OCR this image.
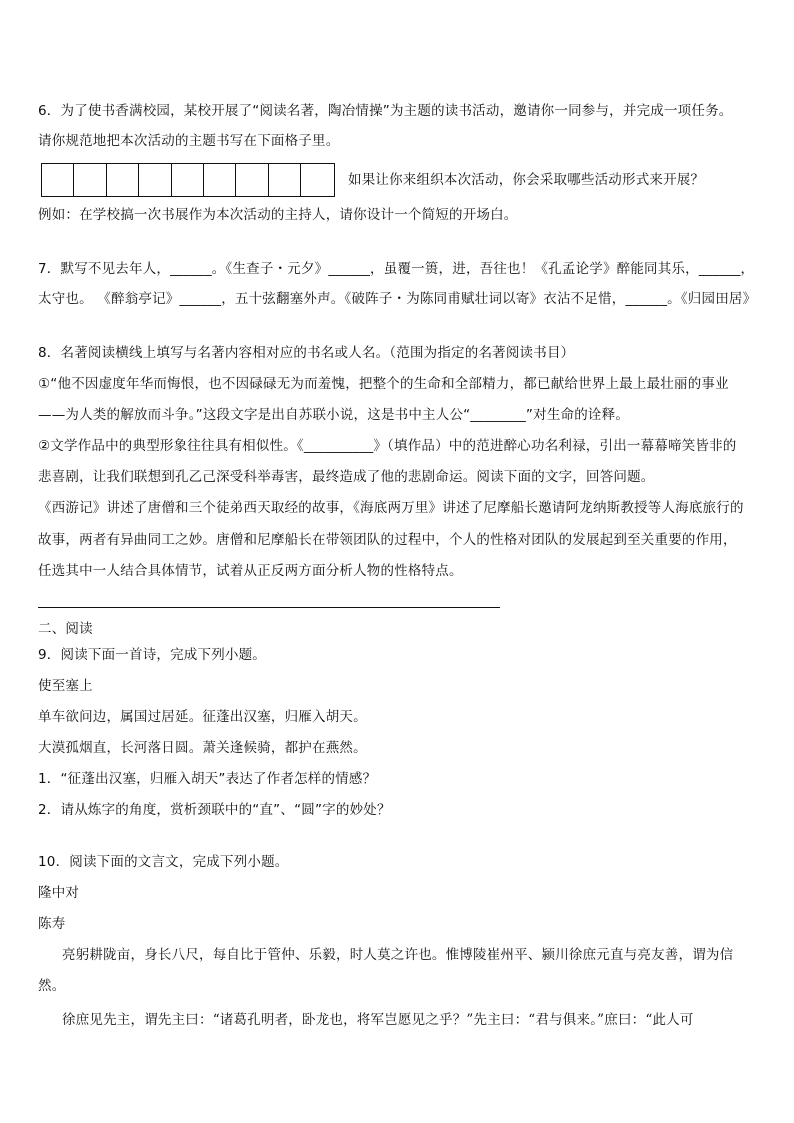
6．为了使书香满校园，某校开展了“阅读名著，陶冶情操”为主题的读书活动，邀请你一同参与，并完成一项任务。
请你规范地把本次活动的主题书写在下面格子里。
如果让你来组织本次活动，你会采取哪些活动形式来开展？
例如：在学校搞一次书展作为本次活动的主持人，请你设计一个简短的开场白。
7．默写不见去年人，______。《生查子・元夕》______，虽覆一篑，进，吾往也！《孔孟论学》醉能同其乐，______，
太守也。 《醉翁亭记》______，五十弦翻塞外声。《破阵子・为陈同甫赋壮词以寄》衣沾不足惜，______。《归园田居》
8．名著阅读横线上填写与名著内容相对应的书名或人名。（范围为指定的名著阅读书目）
①“他不因虚度年华而悔恨，也不因碌碌无为而羞愧，把整个的生命和全部精力，都已献给世界上最上最壮丽的事业
——为人类的解放而斗争。”这段文字是出自苏联小说，这是书中主人公“________”对生命的诠释。
②文学作品中的典型形象往往具有相似性。《__________》（填作品）中的范进醉心功名利禄，引出一幕幕啼笑皆非的
悲喜剧，让我们联想到孔乙己深受科举毒害，最终造成了他的悲剧命运。阅读下面的文字，回答问题。
《西游记》讲述了唐僧和三个徒弟西天取经的故事，《海底两万里》讲述了尼摩船长邀请阿龙纳斯教授等人海底旅行的
故事，两者有异曲同工之妙。唐僧和尼摩船长在带领团队的过程中，个人的性格对团队的发展起到至关重要的作用，
任选其中一人结合具体情节，试着从正反两方面分析人物的性格特点。
二、阅读
9．阅读下面一首诗，完成下列小题。
使至塞上
单车欲问边，属国过居延。征蓬出汉塞，归雁入胡天。
大漠孤烟直，长河落日圆。萧关逢候骑，都护在燕然。
1．“征蓬出汉塞，归雁入胡天”表达了作者怎样的情感？
2．请从炼字的角度，赏析颈联中的“直”、“圆”字的妙处？
10．阅读下面的文言文，完成下列小题。
隆中对
陈寿
亮躬耕陇亩，身长八尺，每自比于管仲、乐毅，时人莫之许也。惟博陵崔州平、颍川徐庶元直与亮友善，谓为信
然。
徐庶见先主，谓先主曰：“诸葛孔明者，卧龙也，将军岂愿见之乎？”先主曰：“君与俱来。”庶曰：“此人可
